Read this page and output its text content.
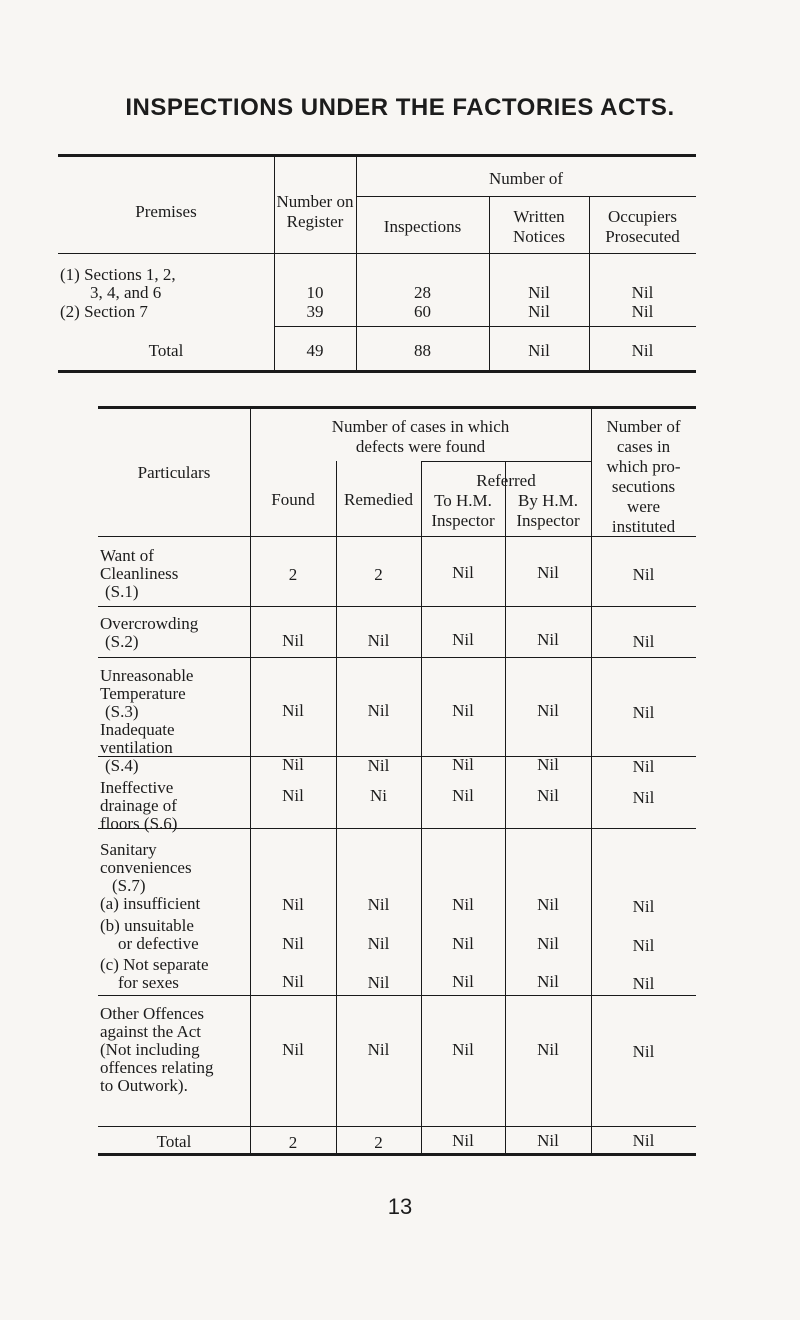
INSPECTIONS UNDER THE FACTORIES ACTS.
Premises
Number on
Register
Number of
Inspections
Written
Notices
Occupiers
Prosecuted
(1) Sections 1, 2,
3, 4, and 6	10	28	Nil	Nil
(2) Section 7	39	60	Nil	Nil
Total	49	88	Nil	Nil
Particulars
Number of cases in which
defects were found
Found	Remedied
Referred
To H.M.
Inspector
By H.M.
Inspector
Number of
cases in
which pro-
secutions
were
instituted
Want of
Cleanliness
(S.1)
2	2	Nil	Nil	Nil
Overcrowding
(S.2)	Nil	Nil	Nil	Nil	Nil
Unreasonable
Temperature
(S.3)	Nil	Nil	Nil	Nil	Nil
Inadequate
ventilation
(S.4)	Nil	Nil	Nil	Nil	Nil
Ineffective
drainage of
floors (S.6)
Nil	Ni	Nil	Nil	Nil
Sanitary
conveniences
(S.7)
(a) insufficient	Nil	Nil	Nil	Nil	Nil
(b) unsuitable
or defective	Nil	Nil	Nil	Nil	Nil
(c) Not separate
for sexes	Nil	Nil	Nil	Nil	Nil
Other Offences
against the Act
(Not including
offences relating
to Outwork).
Nil	Nil	Nil	Nil	Nil
Total	2	2	Nil	Nil	Nil
13
